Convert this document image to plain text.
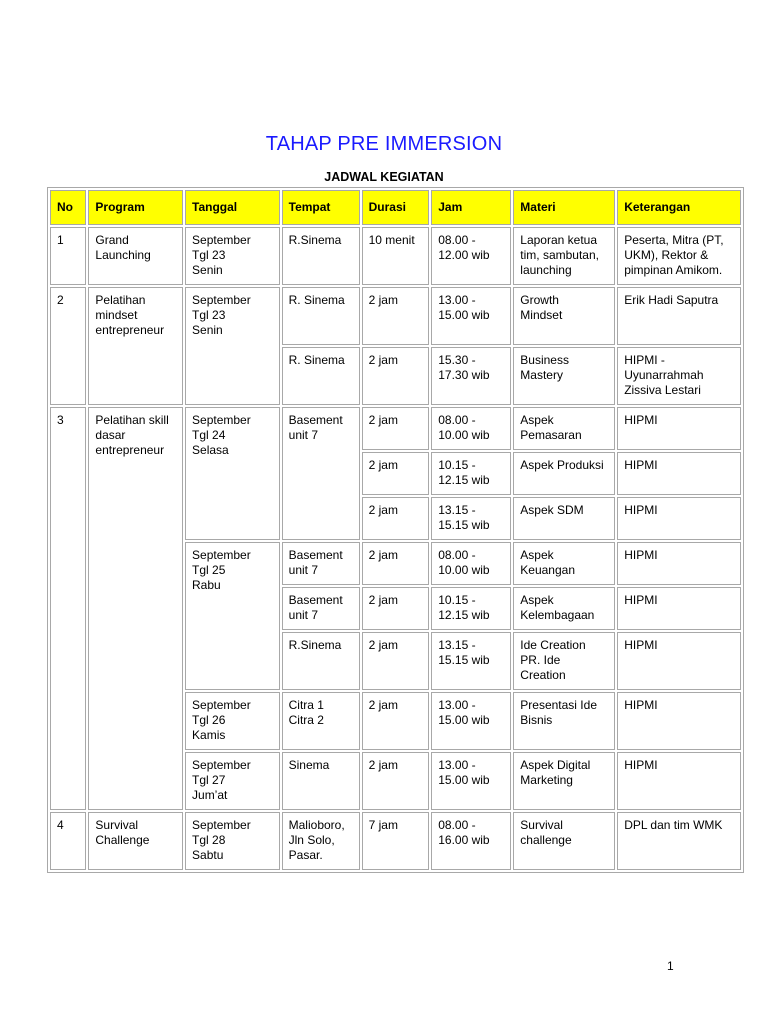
TAHAP PRE IMMERSION
JADWAL KEGIATAN
No	Program	Tanggal	Tempat	Durasi	Jam	Materi	Keterangan

1	Grand
Launching	September
Tgl 23
Senin	R.Sinema	10 menit	08.00 -
12.00 wib	Laporan ketua
tim, sambutan,
launching	Peserta, Mitra (PT,
UKM), Rektor &
pimpinan Amikom.

2	Pelatihan
mindset
entrepreneur	September
Tgl 23
Senin	R. Sinema	2 jam	13.00 -
15.00 wib	Growth
Mindset	Erik Hadi Saputra

			R. Sinema	2 jam	15.30 -
17.30 wib	Business
Mastery	HIPMI -
Uyunarrahmah
Zissiva Lestari

3	Pelatihan skill
dasar
entrepreneur	September
Tgl 24
Selasa	Basement
unit 7	2 jam	08.00 -
10.00 wib	Aspek
Pemasaran	HIPMI

				2 jam	10.15 -
12.15 wib	Aspek Produksi	HIPMI

				2 jam	13.15 -
15.15 wib	Aspek SDM	HIPMI

		September
Tgl 25
Rabu	Basement
unit 7	2 jam	08.00 -
10.00 wib	Aspek
Keuangan	HIPMI

			Basement
unit 7	2 jam	10.15 -
12.15 wib	Aspek
Kelembagaan	HIPMI

			R.Sinema	2 jam	13.15 -
15.15 wib	Ide Creation
PR. Ide
Creation	HIPMI

		September
Tgl 26
Kamis	Citra 1
Citra 2	2 jam	13.00 -
15.00 wib	Presentasi Ide
Bisnis	HIPMI

		September
Tgl 27
Jum’at	Sinema	2 jam	13.00 -
15.00 wib	Aspek Digital
Marketing	HIPMI

4	Survival
Challenge	September
Tgl 28
Sabtu	Malioboro,
Jln Solo,
Pasar.	7 jam	08.00 -
16.00 wib	Survival
challenge	DPL dan tim WMK
1
